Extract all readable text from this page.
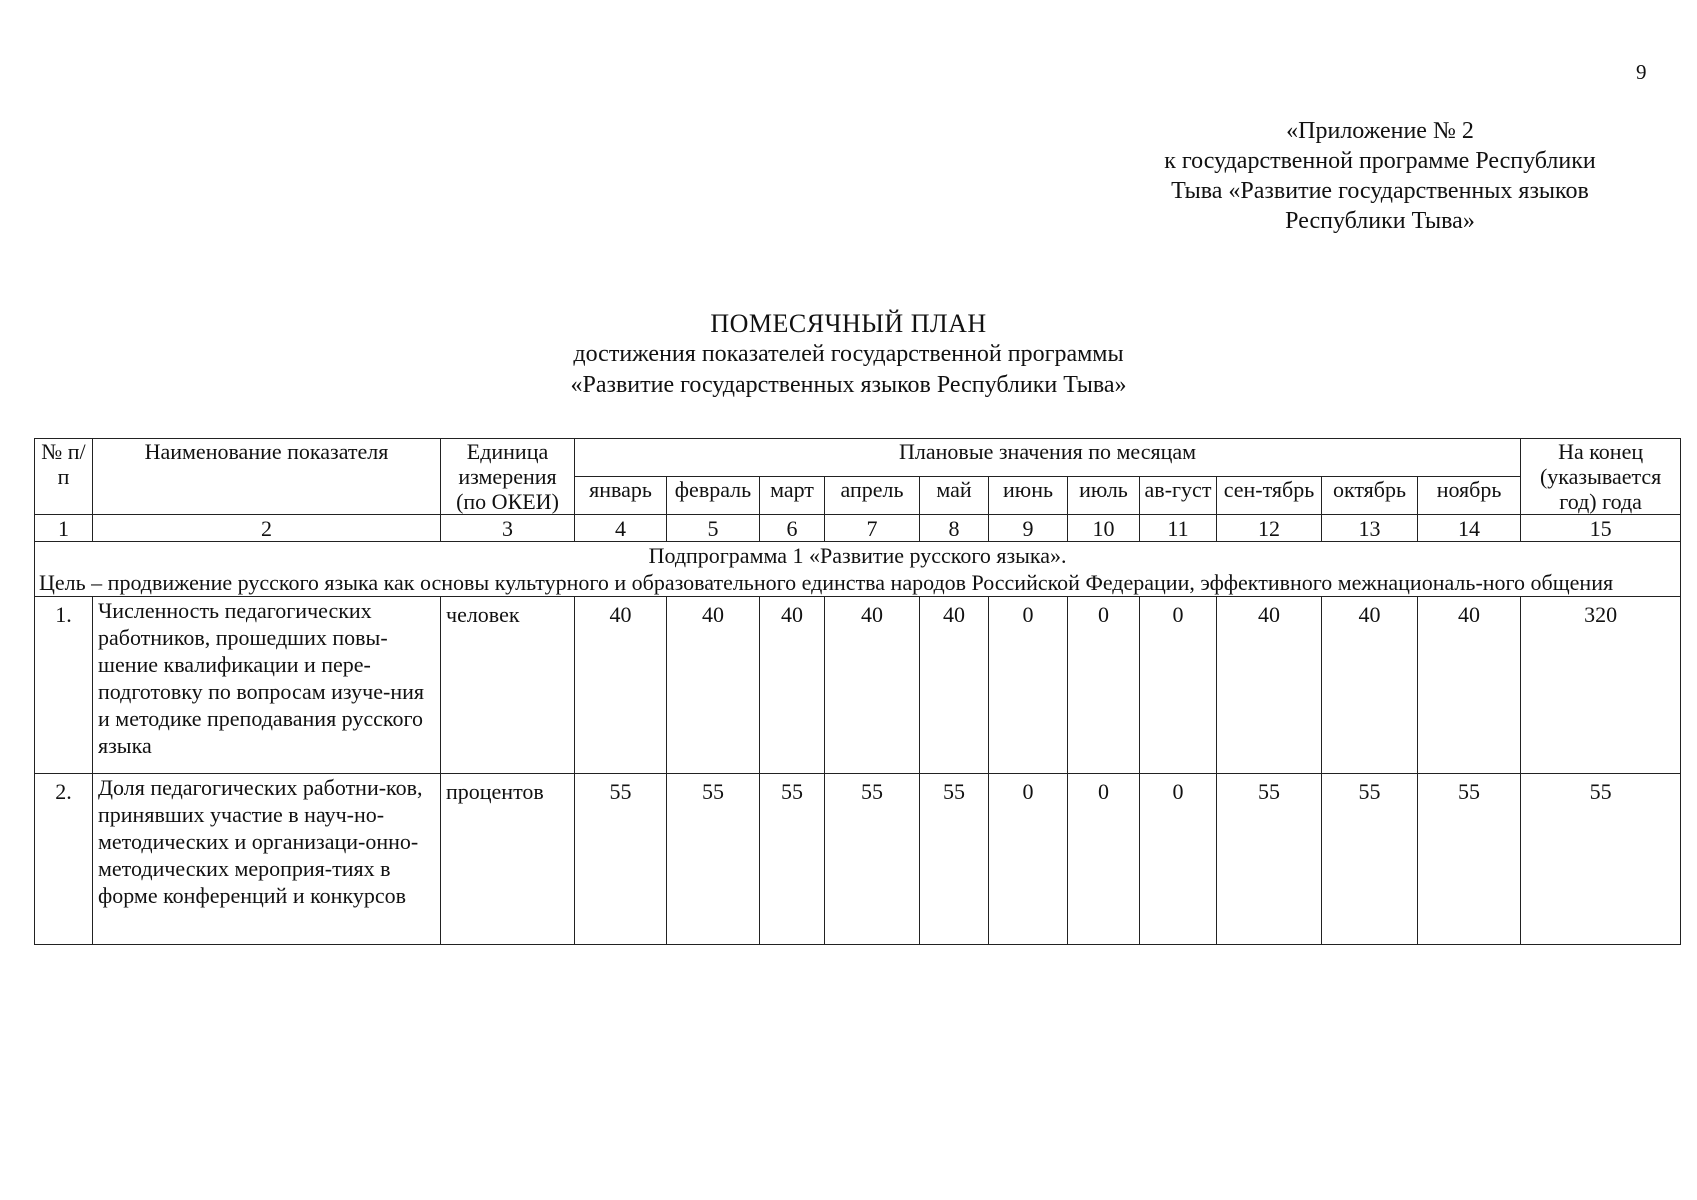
9
«Приложение № 2
к государственной программе Республики
Тыва «Развитие государственных языков
Республики Тыва»
ПОМЕСЯЧНЫЙ ПЛАН
достижения показателей государственной программы
«Развитие государственных языков Республики Тыва»
№ п/п	Наименование показателя	Единица измерения (по ОКЕИ)	Плановые значения по месяцам											На конец (указывается год) года
			январь	февраль	март	апрель	май	июнь	июль	ав-густ	сен-тябрь	октябрь	ноябрь	
1	2	3	4	5	6	7	8	9	10	11	12	13	14	15

Подпрограмма 1 «Развитие русского языка».
Цель – продвижение русского языка как основы культурного и образовательного единства народов Российской Федерации, эффективного межнациональ-ного общения														

1.	Численность педагогических работников, прошедших повы-шение квалификации и пере-подготовку по вопросам изуче-ния и методике преподавания русского языка	человек	40	40	40	40	40	0	0	0	40	40	40	320
2.	Доля педагогических работни-ков, принявших участие в науч-но-методических и организаци-онно-методических мероприя-тиях в форме конференций и конкурсов	процентов	55	55	55	55	55	0	0	0	55	55	55	55
